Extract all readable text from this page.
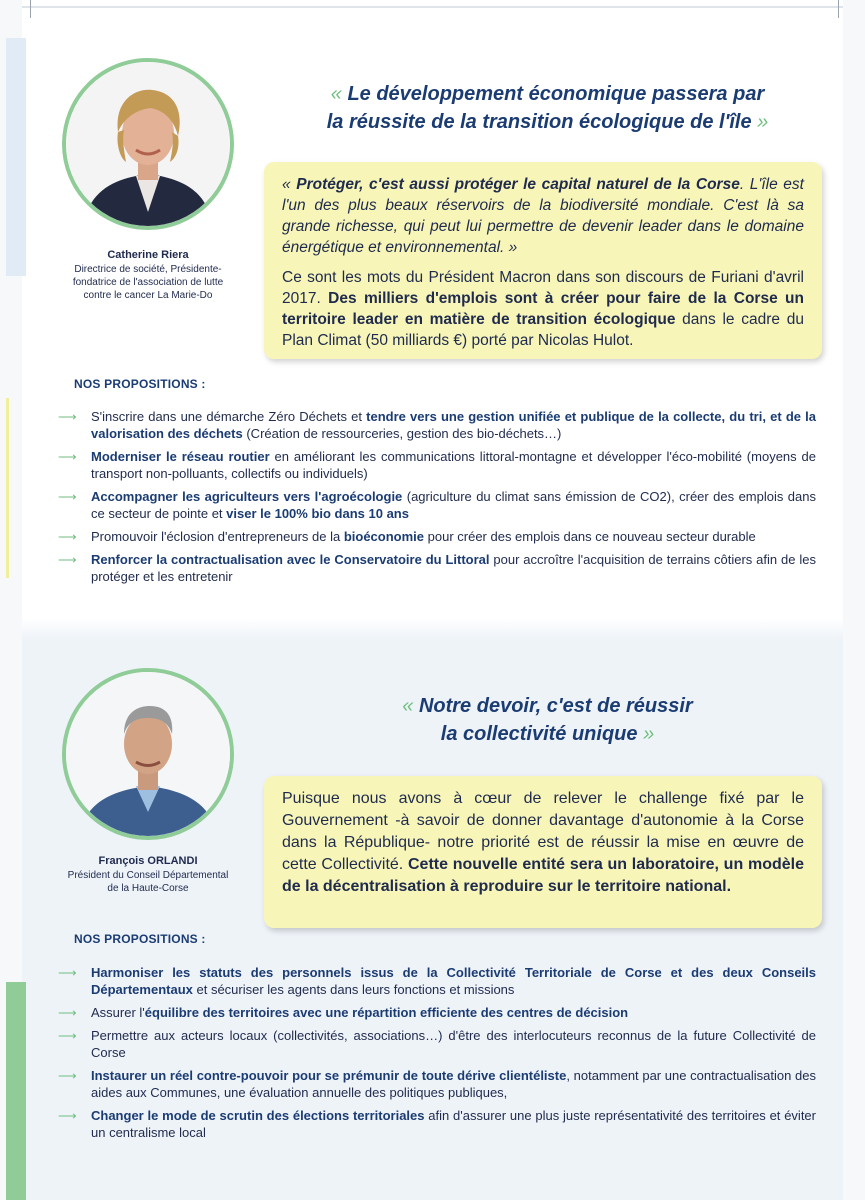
Catherine Riera
Directrice de société, Présidente-
fondatrice de l'association de lutte
contre le cancer La Marie-Do
« Le développement économique passera par
la réussite de la transition écologique de l'île »

« Protéger, c'est aussi protéger le capital naturel de la Corse. L'île est l'un des plus beaux réservoirs de la biodiversité mondiale. C'est là sa grande richesse, qui peut lui permettre de devenir leader dans le domaine énergétique et environnemental. »

Ce sont les mots du Président Macron dans son discours de Furiani d'avril 2017. Des milliers d'emplois sont à créer pour faire de la Corse un territoire leader en matière de transition écologique dans le cadre du Plan Climat (50 milliards €) porté par Nicolas Hulot.

NOS PROPOSITIONS :
⟶ S'inscrire dans une démarche Zéro Déchets et tendre vers une gestion unifiée et publique de la collecte, du tri, et de la valorisation des déchets (Création de ressourceries, gestion des bio-déchets…)
⟶ Moderniser le réseau routier en améliorant les communications littoral-montagne et développer l'éco-mobilité (moyens de transport non-polluants, collectifs ou individuels)
⟶ Accompagner les agriculteurs vers l'agroécologie (agriculture du climat sans émission de CO2), créer des emplois dans ce secteur de pointe et viser le 100% bio dans 10 ans
⟶ Promouvoir l'éclosion d'entrepreneurs de la bioéconomie pour créer des emplois dans ce nouveau secteur durable
⟶ Renforcer la contractualisation avec le Conservatoire du Littoral pour accroître l'acquisition de terrains côtiers afin de les protéger et les entretenir
François ORLANDI
Président du Conseil Départemental
de la Haute-Corse
« Notre devoir, c'est de réussir
la collectivité unique »

Puisque nous avons à cœur de relever le challenge fixé par le Gouvernement -à savoir de donner davantage d'autonomie à la Corse dans la République- notre priorité est de réussir la mise en œuvre de cette Collectivité. Cette nouvelle entité sera un laboratoire, un modèle de la décentralisation à reproduire sur le territoire national.

NOS PROPOSITIONS :
⟶ Harmoniser les statuts des personnels issus de la Collectivité Territoriale de Corse et des deux Conseils Départementaux et sécuriser les agents dans leurs fonctions et missions
⟶ Assurer l'équilibre des territoires avec une répartition efficiente des centres de décision
⟶ Permettre aux acteurs locaux (collectivités, associations…) d'être des interlocuteurs reconnus de la future Collectivité de Corse
⟶ Instaurer un réel contre-pouvoir pour se prémunir de toute dérive clientéliste, notamment par une contractualisation des aides aux Communes, une évaluation annuelle des politiques publiques,
⟶ Changer le mode de scrutin des élections territoriales afin d'assurer une plus juste représentativité des territoires et éviter un centralisme local
